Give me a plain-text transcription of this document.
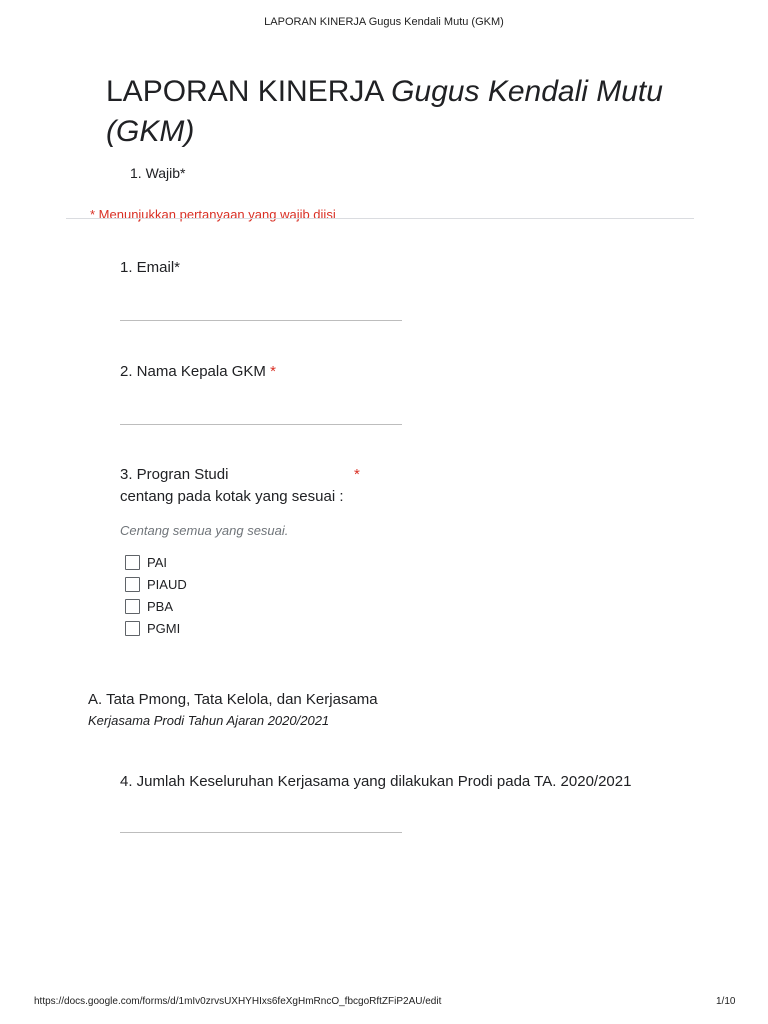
LAPORAN KINERJA Gugus Kendali Mutu (GKM)
LAPORAN KINERJA Gugus Kendali Mutu (GKM)
1. Wajib*
* Menunjukkan pertanyaan yang wajib diisi
1. Email*
2. Nama Kepala GKM *
3. Progran Studi	*
centang pada kotak yang sesuai :
Centang semua yang sesuai.
PAI
PIAUD
PBA
PGMI
A. Tata Pmong, Tata Kelola, dan Kerjasama
Kerjasama Prodi Tahun Ajaran 2020/2021
4. Jumlah Keseluruhan Kerjasama yang dilakukan Prodi pada TA. 2020/2021
https://docs.google.com/forms/d/1mIv0zrvsUXHYHIxs6feXgHmRncO_fbcgoRftZFiP2AU/edit	1/10
